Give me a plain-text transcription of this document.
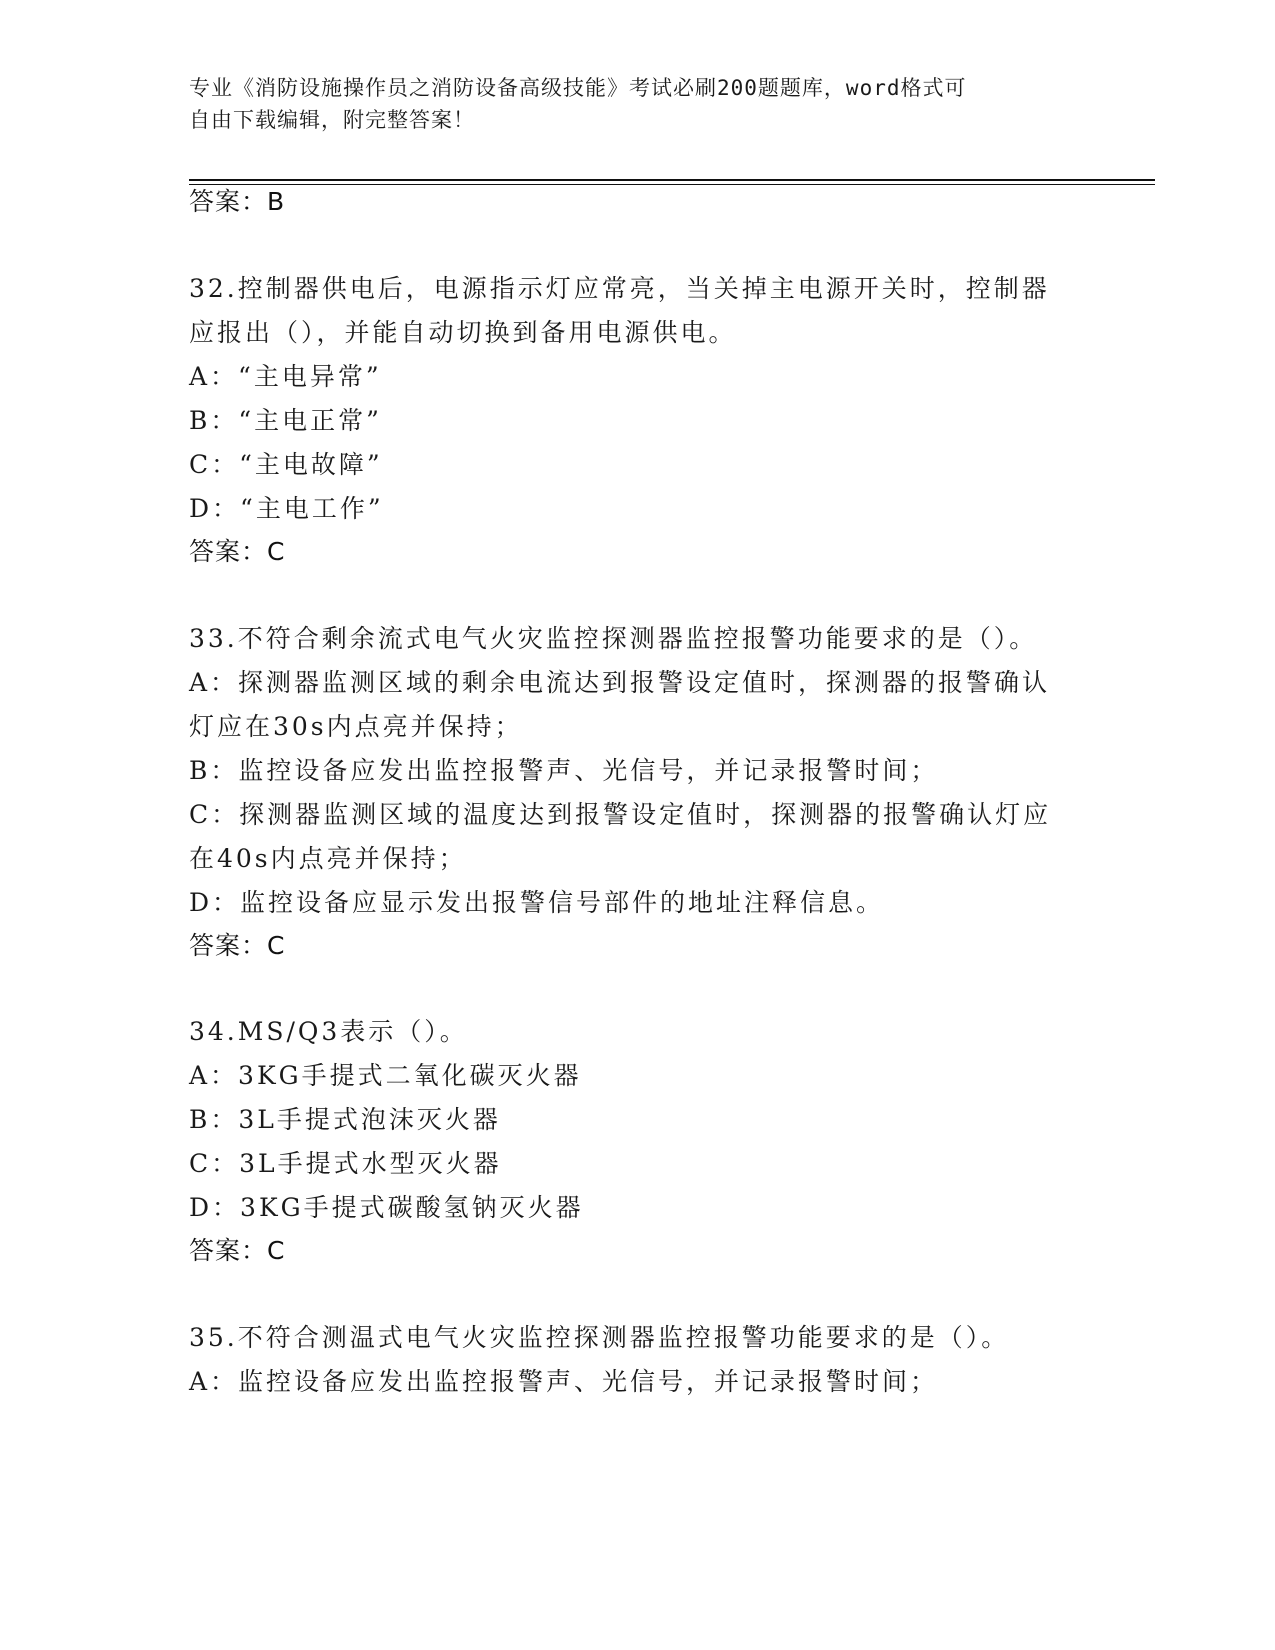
专业《消防设施操作员之消防设备高级技能》考试必刷200题题库，word格式可
自由下载编辑，附完整答案！
答案：B
32.控制器供电后，电源指示灯应常亮，当关掉主电源开关时，控制器
应报出（），并能自动切换到备用电源供电。
A：“主电异常”
B：“主电正常”
C：“主电故障”
D：“主电工作”
答案：C
33.不符合剩余流式电气火灾监控探测器监控报警功能要求的是（）。
A：探测器监测区域的剩余电流达到报警设定值时，探测器的报警确认
灯应在30s内点亮并保持；
B：监控设备应发出监控报警声、光信号，并记录报警时间；
C：探测器监测区域的温度达到报警设定值时，探测器的报警确认灯应
在40s内点亮并保持；
D：监控设备应显示发出报警信号部件的地址注释信息。
答案：C
34.MS/Q3表示（）。
A：3KG手提式二氧化碳灭火器
B：3L手提式泡沫灭火器
C：3L手提式水型灭火器
D：3KG手提式碳酸氢钠灭火器
答案：C
35.不符合测温式电气火灾监控探测器监控报警功能要求的是（）。
A：监控设备应发出监控报警声、光信号，并记录报警时间；
